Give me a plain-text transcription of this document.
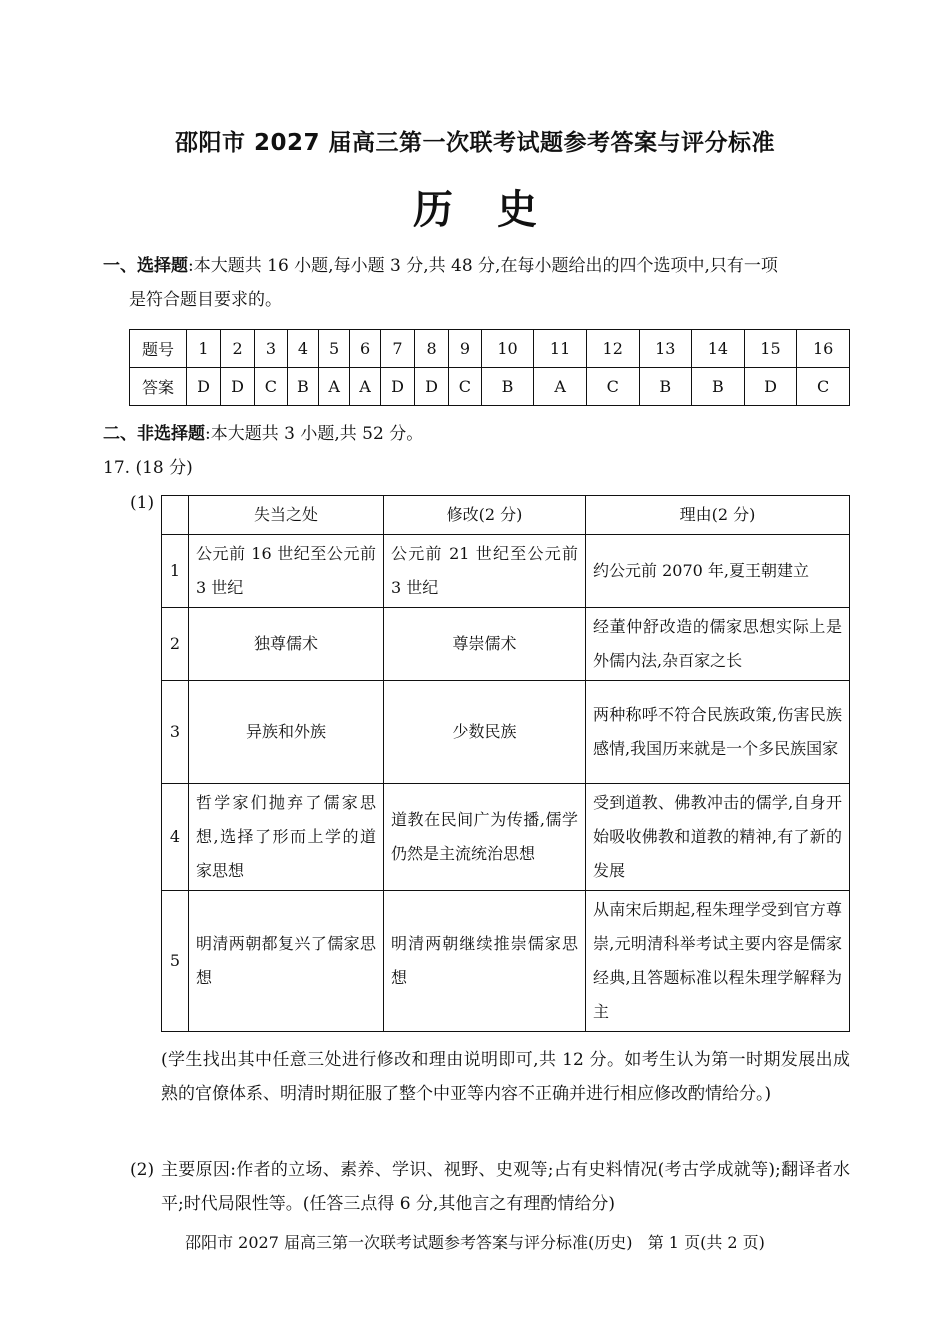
邵阳市 2027 届高三第一次联考试题参考答案与评分标准
历史
一、选择题:本大题共 16 小题,每小题 3 分,共 48 分,在每小题给出的四个选项中,只有一项
是符合题目要求的。
题号	1	2	3	4	5	6	7	8	9	10	11	12	13	14	15	16
答案	D	D	C	B	A	A	D	D	C	B	A	C	B	B	D	C
二、非选择题:本大题共 3 小题,共 52 分。
17. (18 分)
(1)
	失当之处	修改(2 分)	理由(2 分)
1	公元前 16 世纪至公元前 3 世纪	公元前 21 世纪至公元前 3 世纪	约公元前 2070 年,夏王朝建立
2	独尊儒术	尊崇儒术	经董仲舒改造的儒家思想实际上是外儒内法,杂百家之长
3	异族和外族	少数民族	两种称呼不符合民族政策,伤害民族感情,我国历来就是一个多民族国家
4	哲学家们抛弃了儒家思想,选择了形而上学的道家思想	道教在民间广为传播,儒学仍然是主流统治思想	受到道教、佛教冲击的儒学,自身开始吸收佛教和道教的精神,有了新的发展
5	明清两朝都复兴了儒家思想	明清两朝继续推崇儒家思想	从南宋后期起,程朱理学受到官方尊崇,元明清科举考试主要内容是儒家经典,且答题标准以程朱理学解释为主
(学生找出其中任意三处进行修改和理由说明即可,共 12 分。如考生认为第一时期发展出成熟的官僚体系、明清时期征服了整个中亚等内容不正确并进行相应修改酌情给分。)
(2) 主要原因:作者的立场、素养、学识、视野、史观等;占有史料情况(考古学成就等);翻译者水平;时代局限性等。(任答三点得 6 分,其他言之有理酌情给分)
邵阳市 2027 届高三第一次联考试题参考答案与评分标准(历史) 第 1 页(共 2 页)
